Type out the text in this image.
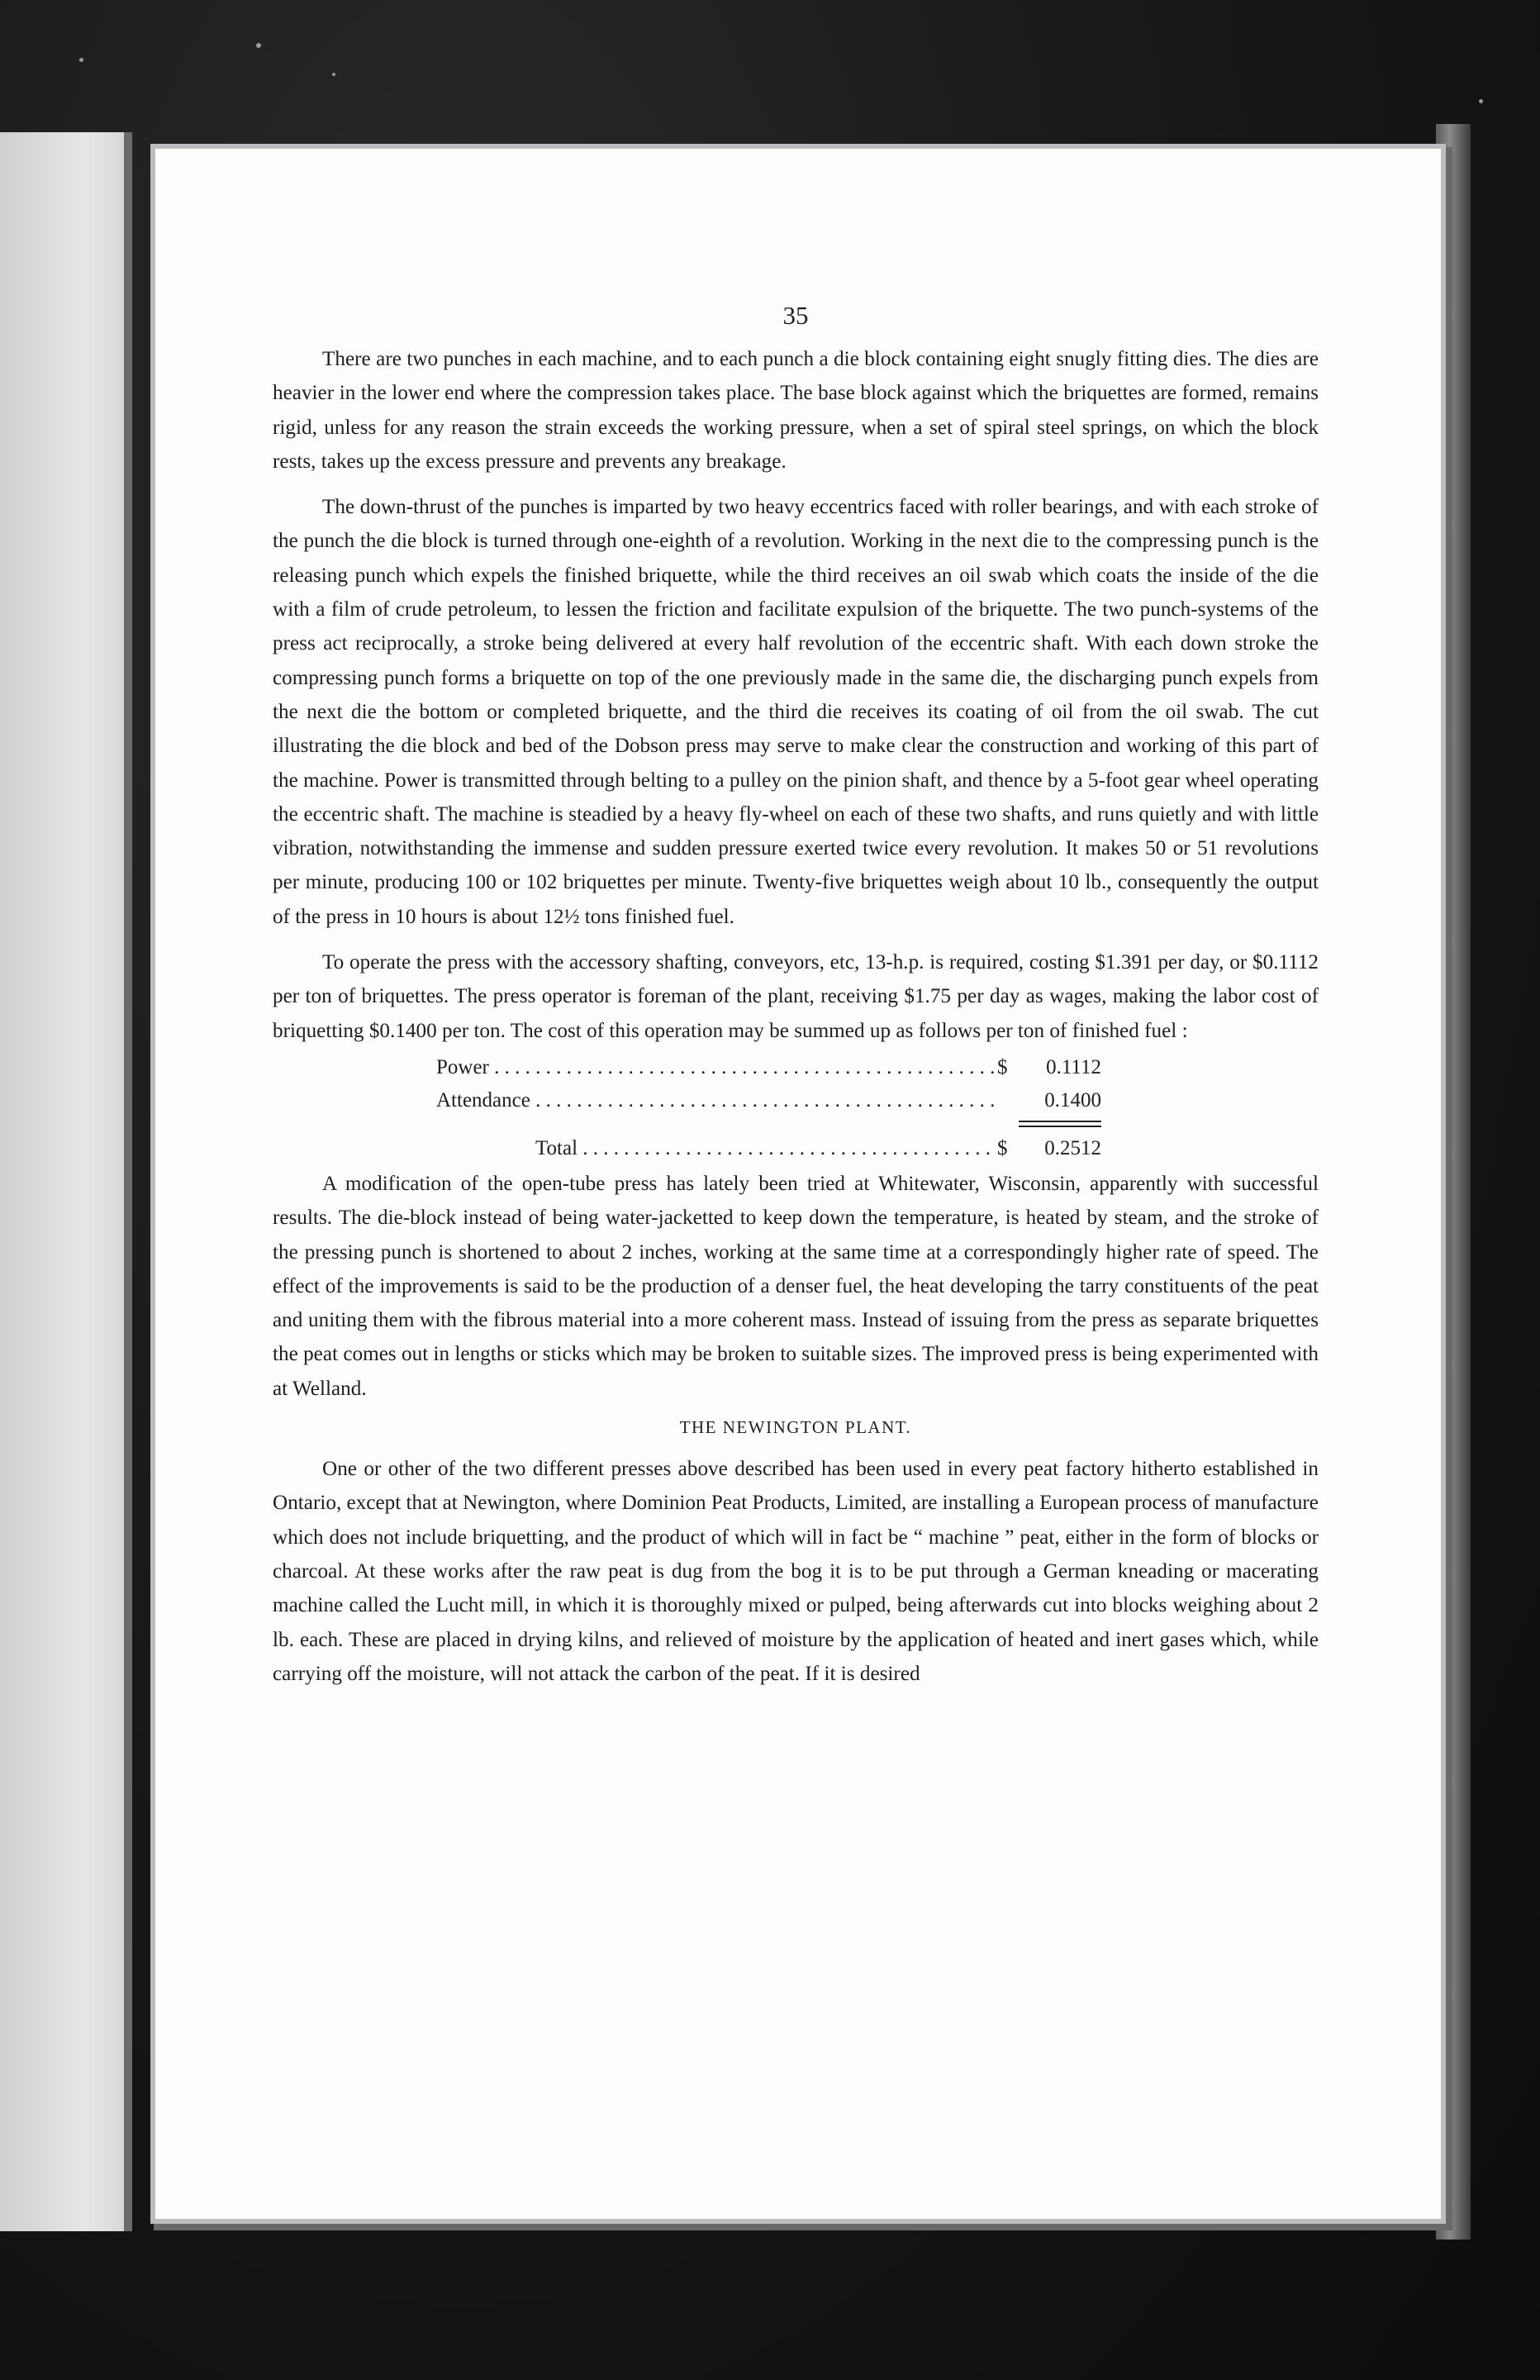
35

There are two punches in each machine, and to each punch a die block containing eight snugly fitting dies. The dies are heavier in the lower end where the compression takes place. The base block against which the briquettes are formed, remains rigid, unless for any reason the strain exceeds the working pressure, when a set of spiral steel springs, on which the block rests, takes up the excess pressure and prevents any breakage.

The down-thrust of the punches is imparted by two heavy eccentrics faced with roller bearings, and with each stroke of the punch the die block is turned through one-eighth of a revolution. Working in the next die to the compressing punch is the releasing punch which expels the finished briquette, while the third receives an oil swab which coats the inside of the die with a film of crude petroleum, to lessen the friction and facilitate expulsion of the briquette. The two punch-systems of the press act reciprocally, a stroke being delivered at every half revolution of the eccentric shaft. With each down stroke the compressing punch forms a briquette on top of the one previously made in the same die, the discharging punch expels from the next die the bottom or completed briquette, and the third die receives its coating of oil from the oil swab. The cut illustrating the die block and bed of the Dobson press may serve to make clear the construction and working of this part of the machine. Power is transmitted through belting to a pulley on the pinion shaft, and thence by a 5-foot gear wheel operating the eccentric shaft. The machine is steadied by a heavy fly-wheel on each of these two shafts, and runs quietly and with little vibration, notwithstanding the immense and sudden pressure exerted twice every revolution. It makes 50 or 51 revolutions per minute, producing 100 or 102 briquettes per minute. Twenty-five briquettes weigh about 10 lb., consequently the output of the press in 10 hours is about 12½ tons finished fuel.

To operate the press with the accessory shafting, conveyors, etc, 13-h.p. is required, costing $1.391 per day, or $0.1112 per ton of briquettes. The press operator is foreman of the plant, receiving $1.75 per day as wages, making the labor cost of briquetting $0.1400 per ton. The cost of this operation may be summed up as follows per ton of finished fuel :

Power . . .	$	0.1112
Attendance . . .	0.1400
Total . . .	$	0.2512

A modification of the open-tube press has lately been tried at Whitewater, Wisconsin, apparently with successful results. The die-block instead of being water-jacketted to keep down the temperature, is heated by steam, and the stroke of the pressing punch is shortened to about 2 inches, working at the same time at a correspondingly higher rate of speed. The effect of the improvements is said to be the production of a denser fuel, the heat developing the tarry constituents of the peat and uniting them with the fibrous material into a more coherent mass. Instead of issuing from the press as separate briquettes the peat comes out in lengths or sticks which may be broken to suitable sizes. The improved press is being experimented with at Welland.

THE NEWINGTON PLANT.

One or other of the two different presses above described has been used in every peat factory hitherto established in Ontario, except that at Newington, where Dominion Peat Products, Limited, are installing a European process of manufacture which does not include briquetting, and the product of which will in fact be “ machine ” peat, either in the form of blocks or charcoal. At these works after the raw peat is dug from the bog it is to be put through a German kneading or macerating machine called the Lucht mill, in which it is thoroughly mixed or pulped, being afterwards cut into blocks weighing about 2 lb. each. These are placed in drying kilns, and relieved of moisture by the application of heated and inert gases which, while carrying off the moisture, will not attack the carbon of the peat. If it is desired
